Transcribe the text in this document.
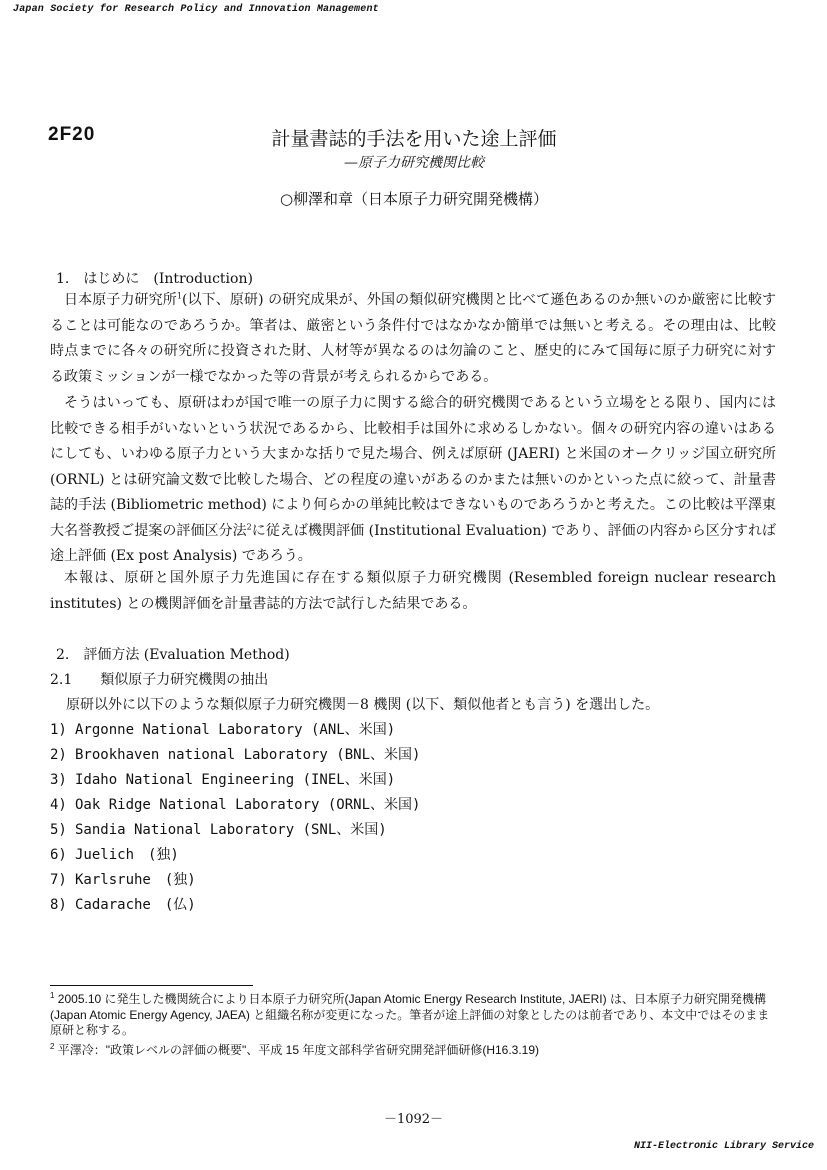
Japan Society for Research Policy and Innovation Management
2F20	計量書誌的手法を用いた途上評価
—原子力研究機関比較
○柳澤和章（日本原子力研究開発機構）
1.　はじめに　(Introduction)
日本原子力研究所$^1$(以下、原研) の研究成果が、外国の類似研究機関と比べて遜色あるのか無いのか厳密に比較することは可能なのであろうか。筆者は、厳密という条件付ではなかなか簡単では無いと考える。その理由は、比較時点までに各々の研究所に投資された財、人材等が異なるのは勿論のこと、歴史的にみて国毎に原子力研究に対する政策ミッションが一様でなかった等の背景が考えられるからである。
そうはいっても、原研はわが国で唯一の原子力に関する総合的研究機関であるという立場をとる限り、国内には比較できる相手がいないという状況であるから、比較相手は国外に求めるしかない。個々の研究内容の違いはあるにしても、いわゆる原子力という大まかな括りで見た場合、例えば原研 (JAERI) と米国のオークリッジ国立研究所 (ORNL) とは研究論文数で比較した場合、どの程度の違いがあるのかまたは無いのかといった点に絞って、計量書誌的手法 (Bibliometric method) により何らかの単純比較はできないものであろうかと考えた。この比較は平澤東大名誉教授ご提案の評価区分法$^2$に従えば機関評価 (Institutional Evaluation) であり、評価の内容から区分すれば途上評価 (Ex post Analysis) であろう。
本報は、原研と国外原子力先進国に存在する類似原子力研究機関 (Resembled foreign nuclear research institutes) との機関評価を計量書誌的方法で試行した結果である。
2.　評価方法 (Evaluation Method)
2.1　　類似原子力研究機関の抽出
原研以外に以下のような類似原子力研究機関－8 機関 (以下、類似他者とも言う) を選出した。
1) Argonne National Laboratory (ANL、米国)
2) Brookhaven national Laboratory (BNL、米国)
3) Idaho National Engineering (INEL、米国)
4) Oak Ridge National Laboratory (ORNL、米国)
5) Sandia National Laboratory (SNL、米国)
6) Juelich　(独)
7) Karlsruhe　(独)
8) Cadarache　(仏)
$^1$ 2005.10 に発生した機関統合により日本原子力研究所(Japan Atomic Energy Research Institute, JAERI) は、日本原子力研究開発機構(Japan Atomic Energy Agency, JAEA) と組織名称が変更になった。筆者が途上評価の対象としたのは前者であり、本文中ではそのまま原研と称する。
$^2$ 平澤冷："政策レベルの評価の概要"、平成 15 年度文部科学省研究開発評価研修(H16.3.19)
－1092－
NII-Electronic Library Service
